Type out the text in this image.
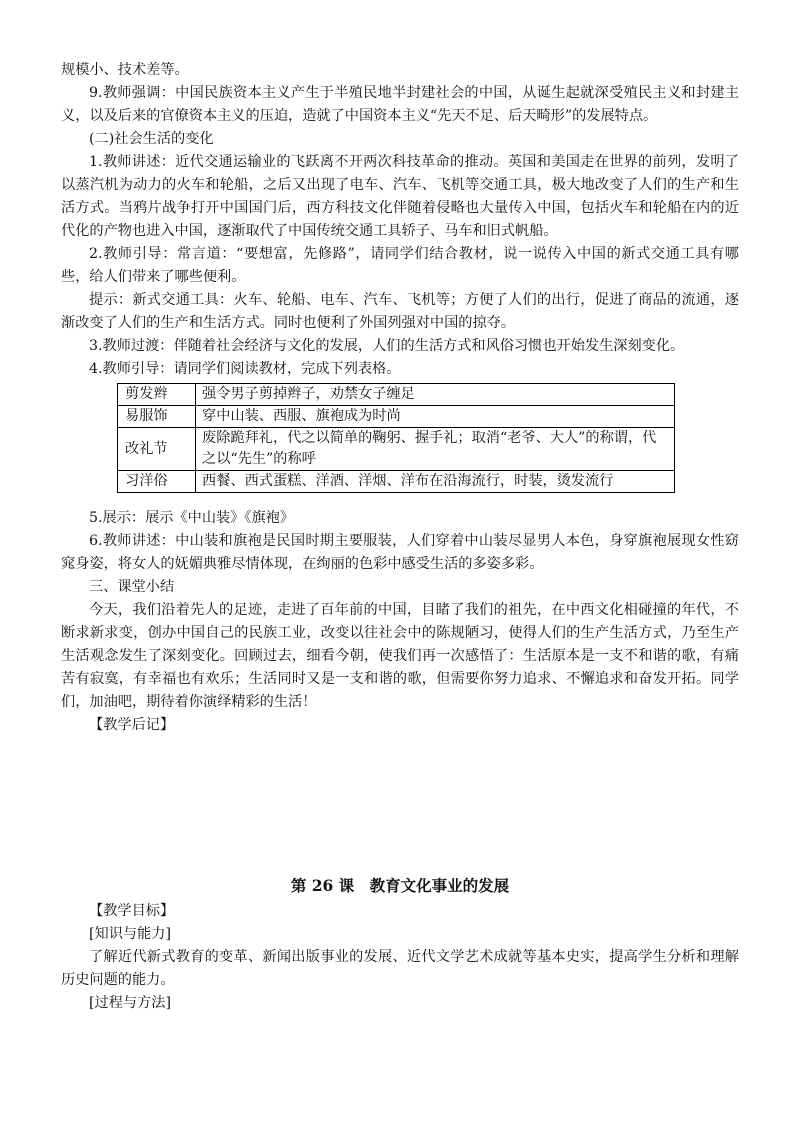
规模小、技术差等。

9.教师强调：中国民族资本主义产生于半殖民地半封建社会的中国，从诞生起就深受殖民主义和封建主义，以及后来的官僚资本主义的压迫，造就了中国资本主义“先天不足、后天畸形”的发展特点。

(二)社会生活的变化

1.教师讲述：近代交通运输业的飞跃离不开两次科技革命的推动。英国和美国走在世界的前列，发明了以蒸汽机为动力的火车和轮船，之后又出现了电车、汽车、飞机等交通工具，极大地改变了人们的生产和生活方式。当鸦片战争打开中国国门后，西方科技文化伴随着侵略也大量传入中国，包括火车和轮船在内的近代化的产物也进入中国，逐渐取代了中国传统交通工具轿子、马车和旧式帆船。

2.教师引导：常言道：“要想富，先修路”，请同学们结合教材，说一说传入中国的新式交通工具有哪些，给人们带来了哪些便利。

提示：新式交通工具：火车、轮船、电车、汽车、飞机等；方便了人们的出行，促进了商品的流通，逐渐改变了人们的生产和生活方式。同时也便利了外国列强对中国的掠夺。

3.教师过渡：伴随着社会经济与文化的发展，人们的生活方式和风俗习惯也开始发生深刻变化。

4.教师引导：请同学们阅读教材，完成下列表格。

剪发辫	强令男子剪掉辫子，劝禁女子缠足
易服饰	穿中山装、西服、旗袍成为时尚
改礼节	废除跪拜礼，代之以简单的鞠躬、握手礼；取消“老爷、大人”的称谓，代之以“先生”的称呼
习洋俗	西餐、西式蛋糕、洋酒、洋烟、洋布在沿海流行，时装，烫发流行

5.展示：展示《中山装》《旗袍》

6.教师讲述：中山装和旗袍是民国时期主要服装，人们穿着中山装尽显男人本色，身穿旗袍展现女性窈窕身姿，将女人的妩媚典雅尽情体现，在绚丽的色彩中感受生活的多姿多彩。

三、课堂小结

今天，我们沿着先人的足迹，走进了百年前的中国，目睹了我们的祖先，在中西文化相碰撞的年代，不断求新求变，创办中国自己的民族工业，改变以往社会中的陈规陋习，使得人们的生产生活方式，乃至生产生活观念发生了深刻变化。回顾过去，细看今朝，使我们再一次感悟了：生活原本是一支不和谐的歌，有痛苦有寂寞，有幸福也有欢乐；生活同时又是一支和谐的歌，但需要你努力追求、不懈追求和奋发开拓。同学们，加油吧，期待着你演绎精彩的生活！

【教学后记】

第 26 课　教育文化事业的发展

【教学目标】

[知识与能力]

了解近代新式教育的变革、新闻出版事业的发展、近代文学艺术成就等基本史实，提高学生分析和理解历史问题的能力。

[过程与方法]
